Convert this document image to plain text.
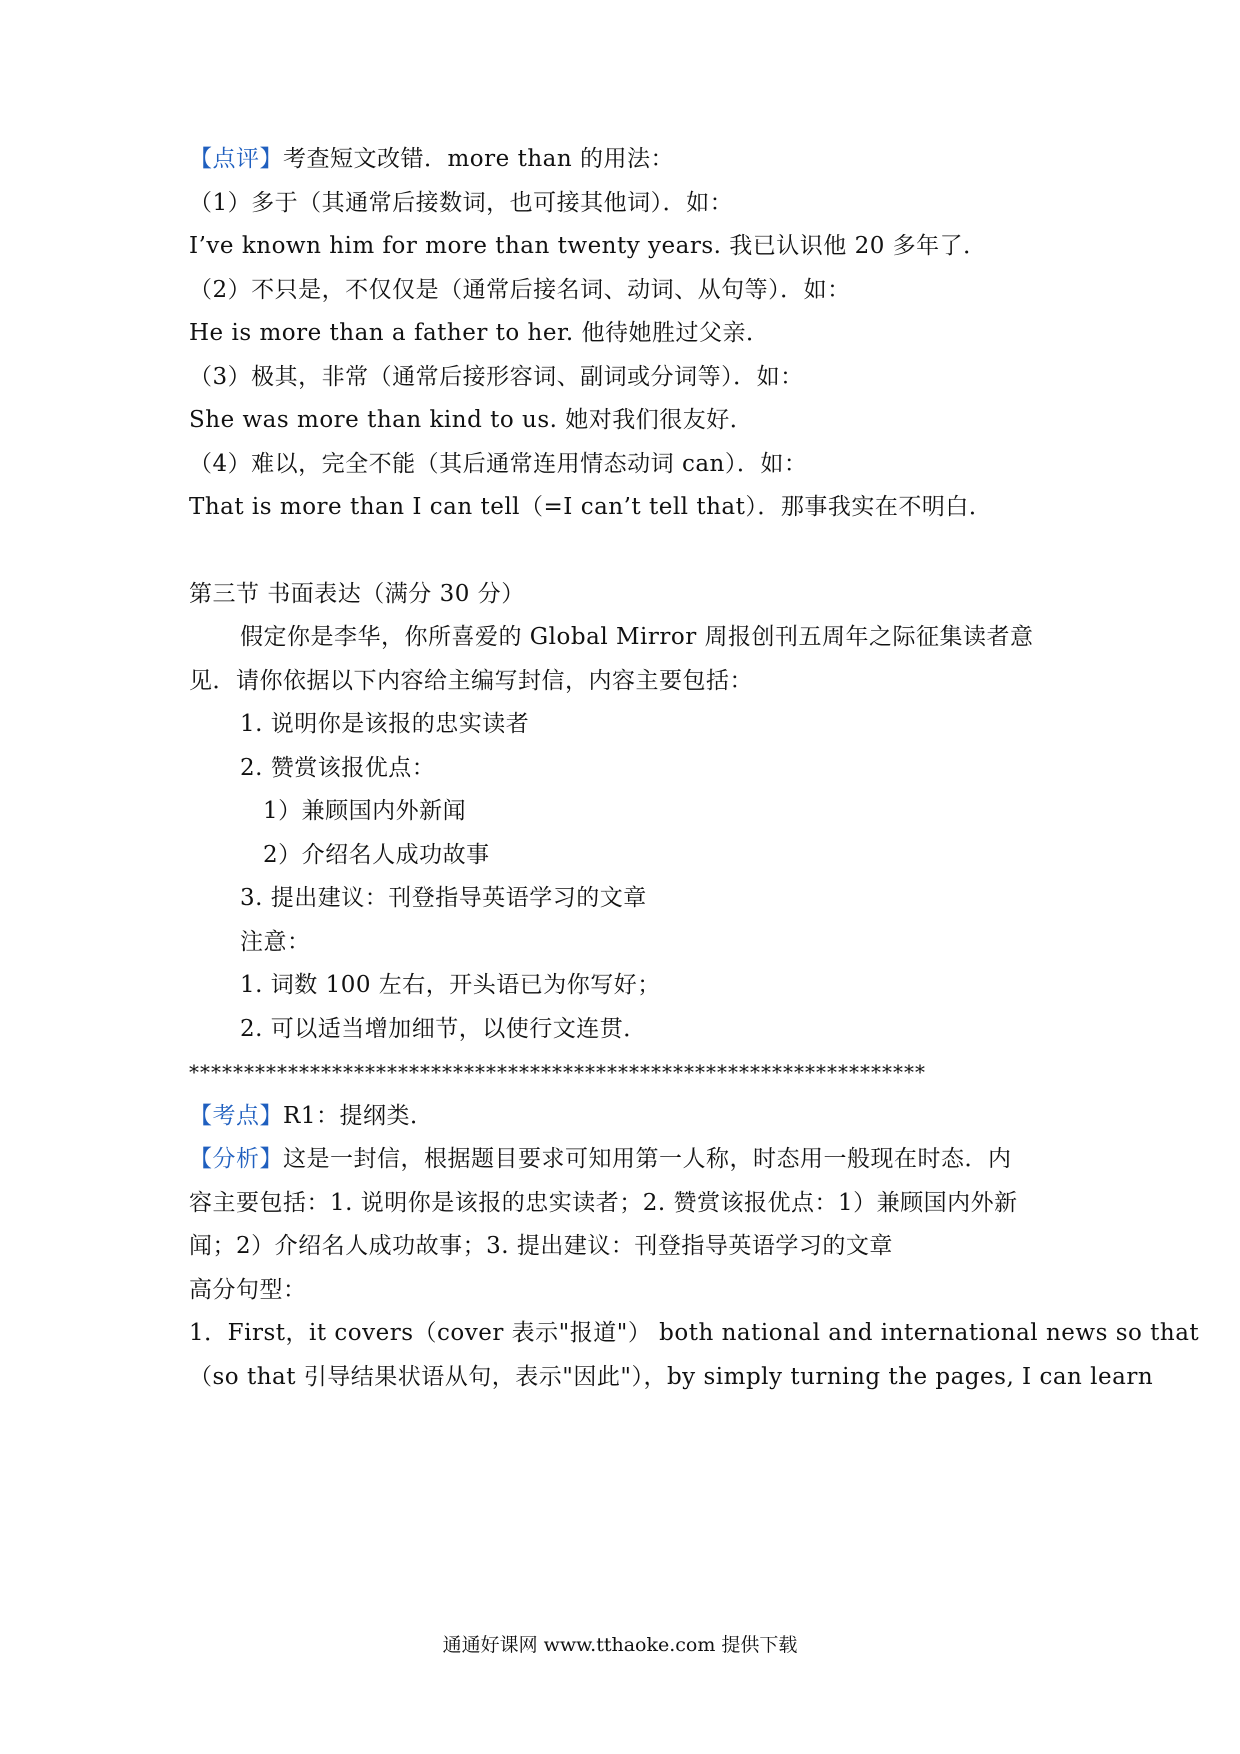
【点评】考查短文改错．more than 的用法：
（1）多于（其通常后接数词，也可接其他词）．如：
I’ve known him for more than twenty years. 我已认识他 20 多年了．
（2）不只是，不仅仅是（通常后接名词、动词、从句等）．如：
He is more than a father to her. 他待她胜过父亲．
（3）极其，非常（通常后接形容词、副词或分词等）．如：
She was more than kind to us. 她对我们很友好．
（4）难以，完全不能（其后通常连用情态动词 can）．如：
That is more than I can tell（=I can’t tell that）．那事我实在不明白．
第三节 书面表达（满分 30 分）
假定你是李华，你所喜爱的 Global Mirror 周报创刊五周年之际征集读者意
见．请你依据以下内容给主编写封信，内容主要包括：
1. 说明你是该报的忠实读者
2. 赞赏该报优点：
1）兼顾国内外新闻
2）介绍名人成功故事
3. 提出建议：刊登指导英语学习的文章
注意：
1. 词数 100 左右，开头语已为你写好；
2. 可以适当增加细节，以使行文连贯．
*******************************************************************
【考点】R1：提纲类．
【分析】这是一封信，根据题目要求可知用第一人称，时态用一般现在时态．内
容主要包括：1. 说明你是该报的忠实读者；2. 赞赏该报优点：1）兼顾国内外新
闻；2）介绍名人成功故事；3. 提出建议：刊登指导英语学习的文章
高分句型：
1．First，it covers（cover 表示"报道"） both national and international news so that
（so that 引导结果状语从句，表示"因此"），by simply turning the pages, I can learn
通通好课网 www.tthaoke.com 提供下载
